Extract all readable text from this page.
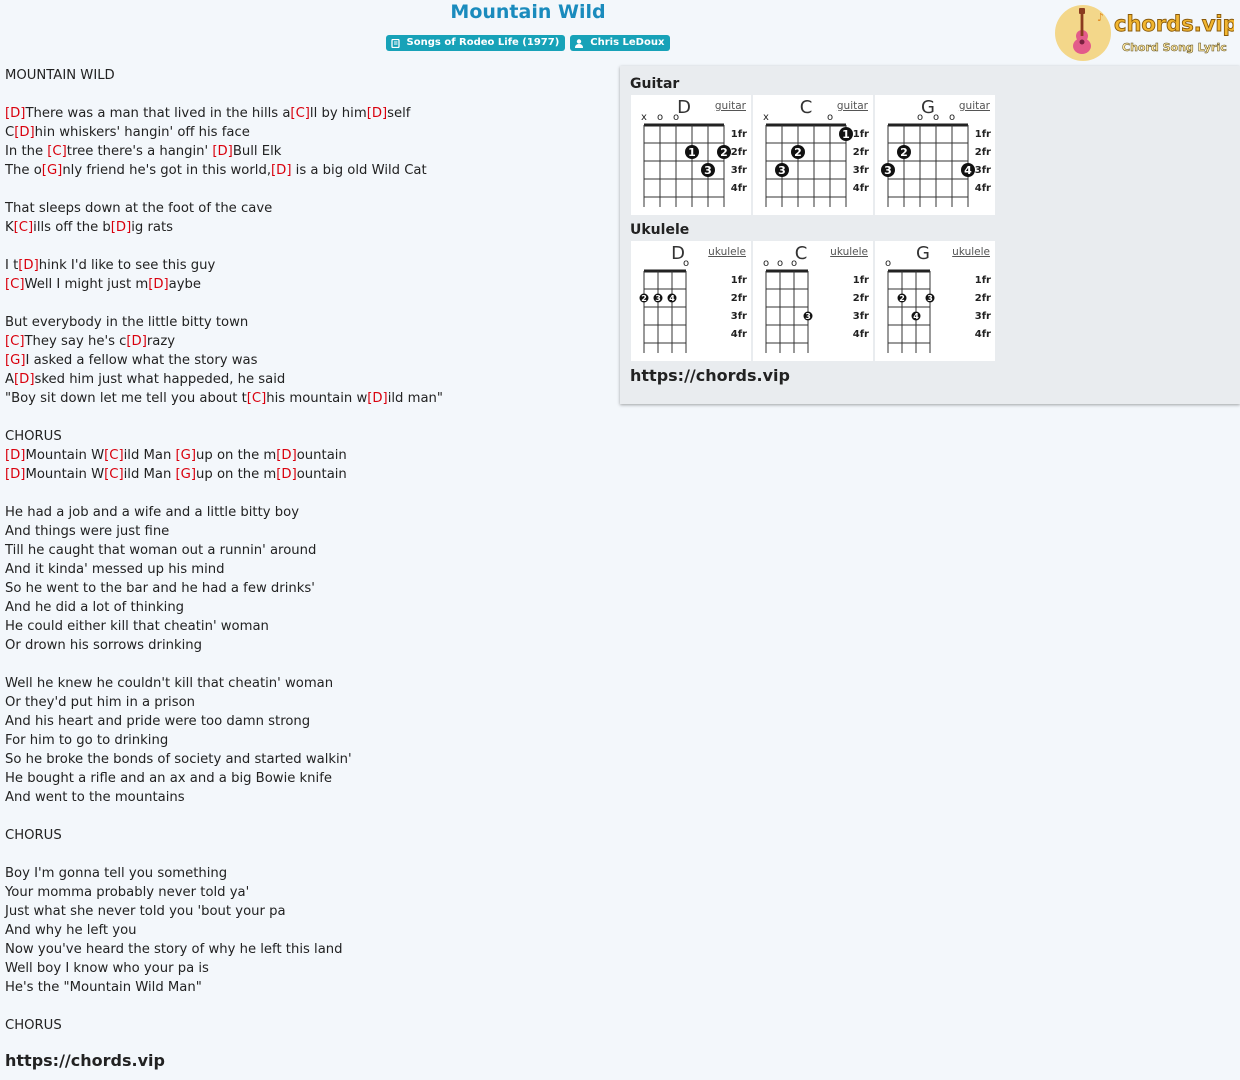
Mountain Wild
Songs of Rodeo Life (1977)	Chris LeDoux
♪ chords.vip
Chord Song Lyric
MOUNTAIN WILD
[D]There was a man that lived in the hills a[C]ll by him[D]self
C[D]hin whiskers' hangin' off his face
In the [C]tree there's a hangin' [D]Bull Elk
The o[G]nly friend he's got in this world,[D] is a big old Wild Cat
That sleeps down at the foot of the cave
K[C]ills off the b[D]ig rats
I t[D]hink I'd like to see this guy
[C]Well I might just m[D]aybe
But everybody in the little bitty town
[C]They say he's c[D]razy
[G]I asked a fellow what the story was
A[D]sked him just what happeded, he said
"Boy sit down let me tell you about t[C]his mountain w[D]ild man"
CHORUS
[D]Mountain W[C]ild Man [G]up on the m[D]ountain
[D]Mountain W[C]ild Man [G]up on the m[D]ountain
He had a job and a wife and a little bitty boy
And things were just fine
Till he caught that woman out a runnin' around
And it kinda' messed up his mind
So he went to the bar and he had a few drinks'
And he did a lot of thinking
He could either kill that cheatin' woman
Or drown his sorrows drinking
Well he knew he couldn't kill that cheatin' woman
Or they'd put him in a prison
And his heart and pride were too damn strong
For him to go to drinking
So he broke the bonds of society and started walkin'
He bought a rifle and an ax and a big Bowie knife
And went to the mountains
CHORUS
Boy I'm gonna tell you something
Your momma probably never told ya'
Just what she never told you 'bout your pa
And why he left you
Now you've heard the story of why he left this land
Well boy I know who your pa is
He's the "Mountain Wild Man"
CHORUS
https://chords.vip
Guitar
D
1fr
2fr
3fr
4fr
x o o
1 2
3
guitar	C
1fr
2fr
3fr
4fr
x	o
1
2
3
guitar	G
1fr
2fr
3fr
4fr
o o o
2
3	4
guitar
Ukulele
D
1fr
2fr
3fr
4fr
o
2 3 4
ukulele	C
1fr
2fr
3fr
4fr
o o o
3
ukulele	G
1fr
2fr
3fr
4fr
o
2	3
4
ukulele
https://chords.vip
